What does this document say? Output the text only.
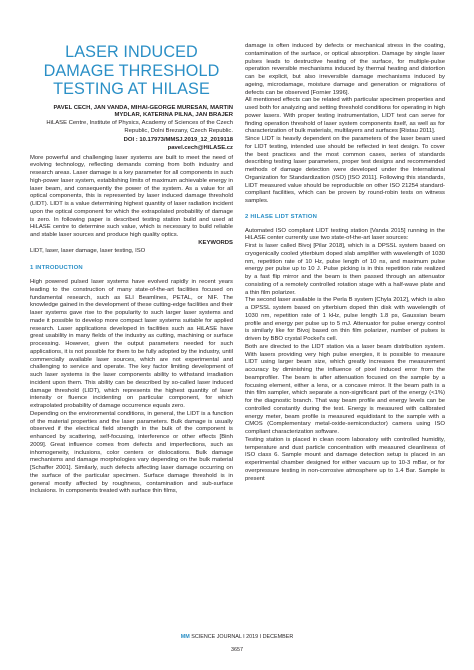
LASER INDUCED DAMAGE THRESHOLD TESTING AT HILASE

PAVEL CECH, JAN VANDA, MIHAI-GEORGE MURESAN, MARTIN MYDLAR, KATERINA PILNA, JAN BRAJER

HiLASE Centre, Institute of Physics, Academy of Sciences of the Czech Republic, Dolni Brezany, Czech Republic.

DOI : 10.17973/MMSJ.2019_12_2019118

pavel.cech@HiLASE.cz

More powerful and challenging laser systems are built to meet the need of evolving technology, reflecting demands coming from both industry and research areas. Laser damage is a key parameter for all components in such high-power laser system, establishing limits of maximum achievable energy in laser beam, and consequently the power of the system. As a value for all optical components, this is represented by laser induced damage threshold (LIDT). LIDT is a value determining highest quantity of laser radiation incident upon the optical component for which the extrapolated probability of damage is zero. In following paper is described testing station build and used at HiLASE centre to determine such value, which is necessary to build reliable and stable laser sources and produce high quality optics.

KEYWORDS

LIDT, laser, laser damage, laser testing, ISO

1 INTRODUCTION

High powered pulsed laser systems have evolved rapidly in recent years leading to the construction of many state-of-the-art facilities focused on fundamental research, such as ELI Beamlines, PETAL, or NIF. The knowledge gained in the development of these cutting-edge facilities and their laser systems gave rise to the popularity to such larger laser systems and made it possible to develop more compact laser systems suitable for applied research. Laser applications developed in facilities such as HiLASE have great usability in many fields of the industry as cutting, machining or surface processing. However, given the output parameters needed for such applications, it is not possible for them to be fully adopted by the industry, until commercially available laser sources, which are not experimental and challenging to service and operate. The key factor limiting development of such laser systems is the laser components ability to withstand irradiation incident upon them. This ability can be described by so-called laser induced damage threshold (LIDT), which represents the highest quantity of laser intensity or fluence incidenting on particular component, for which extrapolated probability of damage occurrence equals zero.

Depending on the environmental conditions, in general, the LIDT is a function of the material properties and the laser parameters. Bulk damage is usually observed if the electrical field strength in the bulk of the component is enhanced by scattering, self-focusing, interference or other effects [Binh 2009]. Great influence comes from defects and imperfections, such as inhomogeneity, inclusions, color centers or dislocations. Bulk damage mechanisms and damage morphologies vary depending on the bulk material [Schaffer 2001]. Similarly, such defects affecting laser damage occurring on the surface of the particular specimen. Surface damage threshold is in general mostly affected by roughness, contamination and sub-surface inclusions. In components treated with surface thin films,

damage is often induced by defects or mechanical stress in the coating, contamination of the surface, or optical absorption. Damage by single laser pulses leads to destructive heating of the surface, for multiple-pulse operation reversible mechanisms induced by thermal heating and distortion can be explicit, but also irreversible damage mechanisms induced by ageing, microdamage, moisture damage and generation or migrations of defects can be observed [Fornier 1996].

All mentioned effects can be related with particular specimen properties and used both for analyzing and setting threshold conditions for operating in high power lasers. With proper testing instrumentation, LIDT test can serve for finding operation threshold of laser system components itself, as well as for characterization of bulk materials, multilayers and surfaces [Ristau 2011].

Since LIDT is heavily dependent on the parameters of the laser beam used for LIDT testing, intended use should be reflected in test design. To cover the best practices and the most common cases, series of standards describing testing laser parameters, proper test designs and recommended methods of damage detection were developed under the International Organization for Standardization (ISO) [ISO 2011]. Following this standards, LIDT measured value should be reproducible on other ISO 21254 standard-compliant facilities, which can be proven by round-robin tests on witness samples.

2 HILASE LIDT STATION

Automated ISO compliant LIDT testing station [Vanda 2015] running in the HiLASE center currently use two state-of-the-art laser sources:

First is laser called Bivoj [Pilar 2018], which is a DPSSL system based on cryogenically cooled ytterbium doped slab amplifier with wavelength of 1030 nm, repetition rate of 10 Hz, pulse length of 10 ns, and maximum pulse energy per pulse up to 10 J. Pulse picking is in this repetition rate realized by a fast flip mirror and the beam is then passed through an attenuator consisting of a remotely controlled rotation stage with a half-wave plate and a thin film polarizer.

The second laser available is the Perla B system [Chyla 2012], which is also a DPSSL system based on ytterbium doped thin disk with wavelength of 1030 nm, repetition rate of 1 kHz, pulse length 1.8 ps, Gaussian beam profile and energy per pulse up to 5 mJ. Attenuator for pulse energy control is similarly like for Bivoj based on thin film polarizer, number of pulses is driven by BBO crystal Pockel's cell.

Both are directed to the LIDT station via a laser beam distribution system. With lasers providing very high pulse energies, it is possible to measure LIDT using larger beam size, which greatly increases the measurement accuracy by diminishing the influence of pixel induced error from the beamprofiler. The beam is after attenuation focused on the sample by a focusing element, either a lens, or a concave mirror. It the beam path is a thin film sampler, which separate a non-significant part of the energy (<1%) for the diagnostic branch. That way beam profile and energy levels can be controlled constantly during the test. Energy is measured with calibrated energy meter, beam profile is measured equidistant to the sample with a CMOS (Complementary metal-oxide-semiconductor) camera using ISO compliant characterization software.

Testing station is placed in clean room laboratory with controlled humidity, temperature and dust particle concentration with measured cleanliness of ISO class 6. Sample mount and damage detection setup is placed in an experimental chamber designed for either vacuum up to 10-3 mBar, or for overpressure testing in non-corrosive atmosphere up to 1.4 Bar. Sample is present

MM SCIENCE JOURNAL I 2019 I DECEMBER
3657
